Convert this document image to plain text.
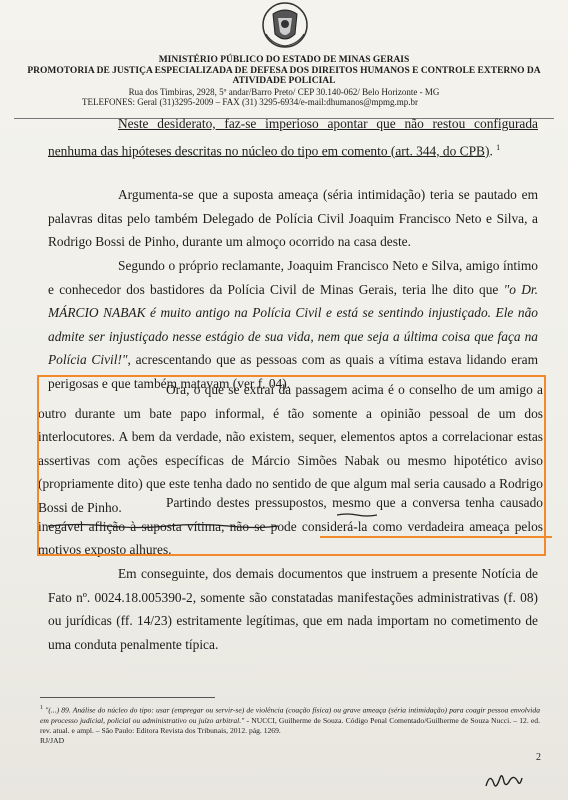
MINISTÉRIO PÚBLICO DO ESTADO DE MINAS GERAIS
PROMOTORIA DE JUSTIÇA ESPECIALIZADA DE DEFESA DOS DIREITOS HUMANOS E CONTROLE EXTERNO DA ATIVIDADE POLICIAL
Rua dos Timbiras, 2928, 5º andar/Barro Preto/ CEP 30.140-062/ Belo Horizonte - MG
TELEFONES: Geral (31)3295-2009 – FAX (31) 3295-6934/e-mail:dhumanos@mpmg.mp.br
Neste desiderato, faz-se imperioso apontar que não restou configurada nenhuma das hipóteses descritas no núcleo do tipo em comento (art. 344, do CPB). $^1$
Argumenta-se que a suposta ameaça (séria intimidação) teria se pautado em palavras ditas pelo também Delegado de Polícia Civil Joaquim Francisco Neto e Silva, a Rodrigo Bossi de Pinho, durante um almoço ocorrido na casa deste.
Segundo o próprio reclamante, Joaquim Francisco Neto e Silva, amigo íntimo e conhecedor dos bastidores da Polícia Civil de Minas Gerais, teria lhe dito que "o Dr. MÁRCIO NABAK é muito antigo na Polícia Civil e está se sentindo injustiçado. Ele não admite ser injustiçado nesse estágio de sua vida, nem que seja a última coisa que faça na Polícia Civil!", acrescentando que as pessoas com as quais a vítima estava lidando eram perigosas e que também matavam (ver f. 04).
Ora, o que se extrai da passagem acima é o conselho de um amigo a outro durante um bate papo informal, é tão somente a opinião pessoal de um dos interlocutores. A bem da verdade, não existem, sequer, elementos aptos a correlacionar estas assertivas com ações específicas de Márcio Simões Nabak ou mesmo hipotético aviso (propriamente dito) que este tenha dado no sentido de que algum mal seria causado a Rodrigo Bossi de Pinho.	Partindo destes pressupostos, mesmo que a conversa tenha causado inegável aflição à suposta vítima, não se pode considerá-la como verdadeira ameaça pelos motivos exposto alhures.
Em conseguinte, dos demais documentos que instruem a presente Notícia de Fato nº. 0024.18.005390-2, somente são constatadas manifestações administrativas (f. 08) ou jurídicas (ff. 14/23) estritamente legítimas, que em nada importam no cometimento de uma conduta penalmente típica.
$^1$ "(...) 89. Análise do núcleo do tipo: usar (empregar ou servir-se) de violência (coação física) ou grave ameaça (séria intimidação) para coagir pessoa envolvida em processo judicial, policial ou administrativo ou juízo arbitral." - NUCCI, Guilherme de Souza. Código Penal Comentado/Guilherme de Souza Nucci. – 12. ed. rev. atual. e ampl. – São Paulo: Editora Revista dos Tribunais, 2012. pág. 1269.
RJ/JAD
2
